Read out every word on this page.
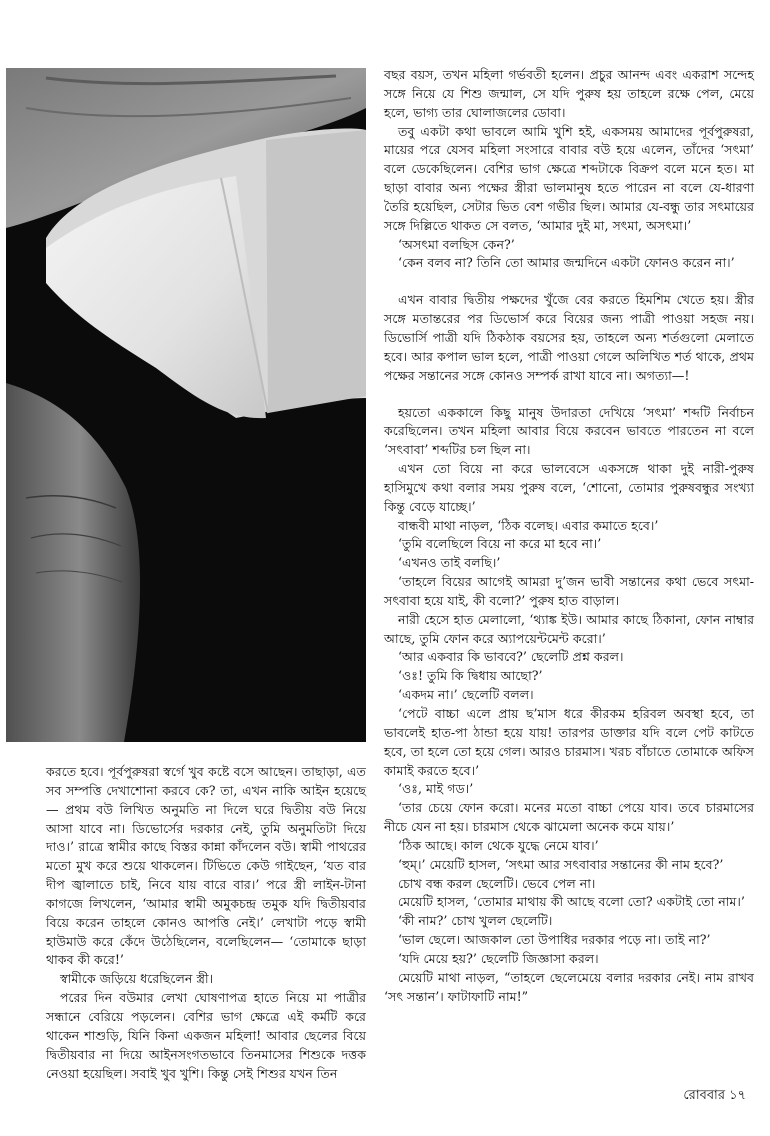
বছর বয়স, তখন মহিলা গর্ভবতী হলেন। প্রচুর আনন্দ এবং একরাশ সন্দেহ সঙ্গে নিয়ে যে শিশু জন্মাল, সে যদি পুরুষ হয় তাহলে রক্ষে পেল, মেয়ে হলে, ভাগ্য তার ঘোলাজলের ডোবা।

তবু একটা কথা ভাবলে আমি খুশি হই, একসময় আমাদের পূর্বপুরুষরা, মায়ের পরে যেসব মহিলা সংসারে বাবার বউ হয়ে এলেন, তাঁদের ‘সৎমা’ বলে ডেকেছিলেন। বেশির ভাগ ক্ষেত্রে শব্দটাকে বিক্রপ বলে মনে হত। মা ছাড়া বাবার অন্য পক্ষের স্ত্রীরা ভালমানুষ হতে পারেন না বলে যে-ধারণা তৈরি হয়েছিল, সেটার ভিত বেশ গভীর ছিল। আমার যে-বন্ধু তার সৎমায়ের সঙ্গে দিল্লিতে থাকত সে বলত, ‘আমার দুই মা, সৎমা, অসৎমা।’

‘অসৎমা বলছিস কেন?’

‘কেন বলব না? তিনি তো আমার জন্মদিনে একটা ফোনও করেন না।’

এখন বাবার দ্বিতীয় পক্ষদের খুঁজে বের করতে হিমশিম খেতে হয়। স্ত্রীর সঙ্গে মতান্তরের পর ডিভোর্স করে বিয়ের জন্য পাত্রী পাওয়া সহজ নয়। ডিভোর্সি পাত্রী যদি ঠিকঠাক বয়সের হয়, তাহলে অন্য শর্তগুলো মেলাতে হবে। আর কপাল ভাল হলে, পাত্রী পাওয়া গেলে অলিখিত শর্ত থাকে, প্রথম পক্ষের সন্তানের সঙ্গে কোনও সম্পর্ক রাখা যাবে না। অগত্যা—!

হয়তো এককালে কিছু মানুষ উদারতা দেখিয়ে ‘সৎমা’ শব্দটি নির্বাচন করেছিলেন। তখন মহিলা আবার বিয়ে করবেন ভাবতে পারতেন না বলে ‘সৎবাবা’ শব্দটির চল ছিল না।

এখন তো বিয়ে না করে ভালবেসে একসঙ্গে থাকা দুই নারী-পুরুষ হাসিমুখে কথা বলার সময় পুরুষ বলে, ‘শোনো, তোমার পুরুষবন্ধুর সংখ্যা কিন্তু বেড়ে যাচ্ছে।’

বান্ধবী মাথা নাড়ল, ‘ঠিক বলেছ। এবার কমাতে হবে।’

‘তুমি বলেছিলে বিয়ে না করে মা হবে না।’

‘এখনও তাই বলছি।’

‘তাহলে বিয়ের আগেই আমরা দু’জন ভাবী সন্তানের কথা ভেবে সৎমা-সৎবাবা হয়ে যাই, কী বলো?’ পুরুষ হাত বাড়াল।

নারী হেসে হাত মেলালো, ‘থ্যাঙ্ক ইউ। আমার কাছে ঠিকানা, ফোন নাম্বার আছে, তুমি ফোন করে অ্যাপয়েন্টমেন্ট করো।’

‘আর একবার কি ভাববে?’ ছেলেটি প্রশ্ন করল।

‘ওঃ! তুমি কি দ্বিধায় আছো?’

‘একদম না।’ ছেলেটি বলল।

‘পেটে বাচ্চা এলে প্রায় ছ’মাস ধরে কীরকম হরিবল অবস্থা হবে, তা ভাবলেই হাত-পা ঠান্ডা হয়ে যায়! তারপর ডাক্তার যদি বলে পেট কাটতে হবে, তা হলে তো হয়ে গেল। আরও চারমাস। খরচ বাঁচাতে তোমাকে অফিস কামাই করতে হবে।’

‘ওঃ, মাই গড।’

‘তার চেয়ে ফোন করো। মনের মতো বাচ্চা পেয়ে যাব। তবে চারমাসের নীচে যেন না হয়। চারমাস থেকে ঝামেলা অনেক কমে যায়।’

‘ঠিক আছে। কাল থেকে যুদ্ধে নেমে যাব।’

‘হুম্‌।’ মেয়েটি হাসল, ‘সৎমা আর সৎবাবার সন্তানের কী নাম হবে?’

চোখ বন্ধ করল ছেলেটি। ভেবে পেল না।

মেয়েটি হাসল, ‘তোমার মাথায় কী আছে বলো তো? একটাই তো নাম।’

‘কী নাম?’ চোখ খুলল ছেলেটি।

‘ভাল ছেলে। আজকাল তো উপাধির দরকার পড়ে না। তাই না?’

‘যদি মেয়ে হয়?’ ছেলেটি জিজ্ঞাসা করল।

মেয়েটি মাথা নাড়ল, “তাহলে ছেলেমেয়ে বলার দরকার নেই। নাম রাখব ‘সৎ সন্তান’। ফাটাফাটি নাম!”

করতে হবে। পূর্বপুরুষরা স্বর্গে খুব কষ্টে বসে আছেন। তাছাড়া, এত সব সম্পত্তি দেখাশোনা করবে কে? তা, এখন নাকি আইন হয়েছে— প্রথম বউ লিখিত অনুমতি না দিলে ঘরে দ্বিতীয় বউ নিয়ে আসা যাবে না। ডিভোর্সের দরকার নেই, তুমি অনুমতিটা দিয়ে দাও।’ রাত্রে স্বামীর কাছে বিস্তর কান্না কাঁদলেন বউ। স্বামী পাথরের মতো মুখ করে শুয়ে থাকলেন। টিভিতে কেউ গাইছেন, ‘যত বার দীপ জ্বালাতে চাই, নিবে যায় বারে বার।’ পরে স্ত্রী লাইন-টানা কাগজে লিখলেন, ‘আমার স্বামী অমুকচন্দ্র তমুক যদি দ্বিতীয়বার বিয়ে করেন তাহলে কোনও আপত্তি নেই।’ লেখাটা পড়ে স্বামী হাউমাউ করে কেঁদে উঠেছিলেন, বলেছিলেন— ‘তোমাকে ছাড়া থাকব কী করে!’

স্বামীকে জড়িয়ে ধরেছিলেন স্ত্রী।

পরের দিন বউমার লেখা ঘোষণাপত্র হাতে নিয়ে মা পাত্রীর সন্ধানে বেরিয়ে পড়লেন। বেশির ভাগ ক্ষেত্রে এই কর্মটি করে থাকেন শাশুড়ি, যিনি কিনা একজন মহিলা! আবার ছেলের বিয়ে দ্বিতীয়বার না দিয়ে আইনসংগতভাবে তিনমাসের শিশুকে দত্তক নেওয়া হয়েছিল। সবাই খুব খুশি। কিন্তু সেই শিশুর যখন তিন

রোববার ১৭
